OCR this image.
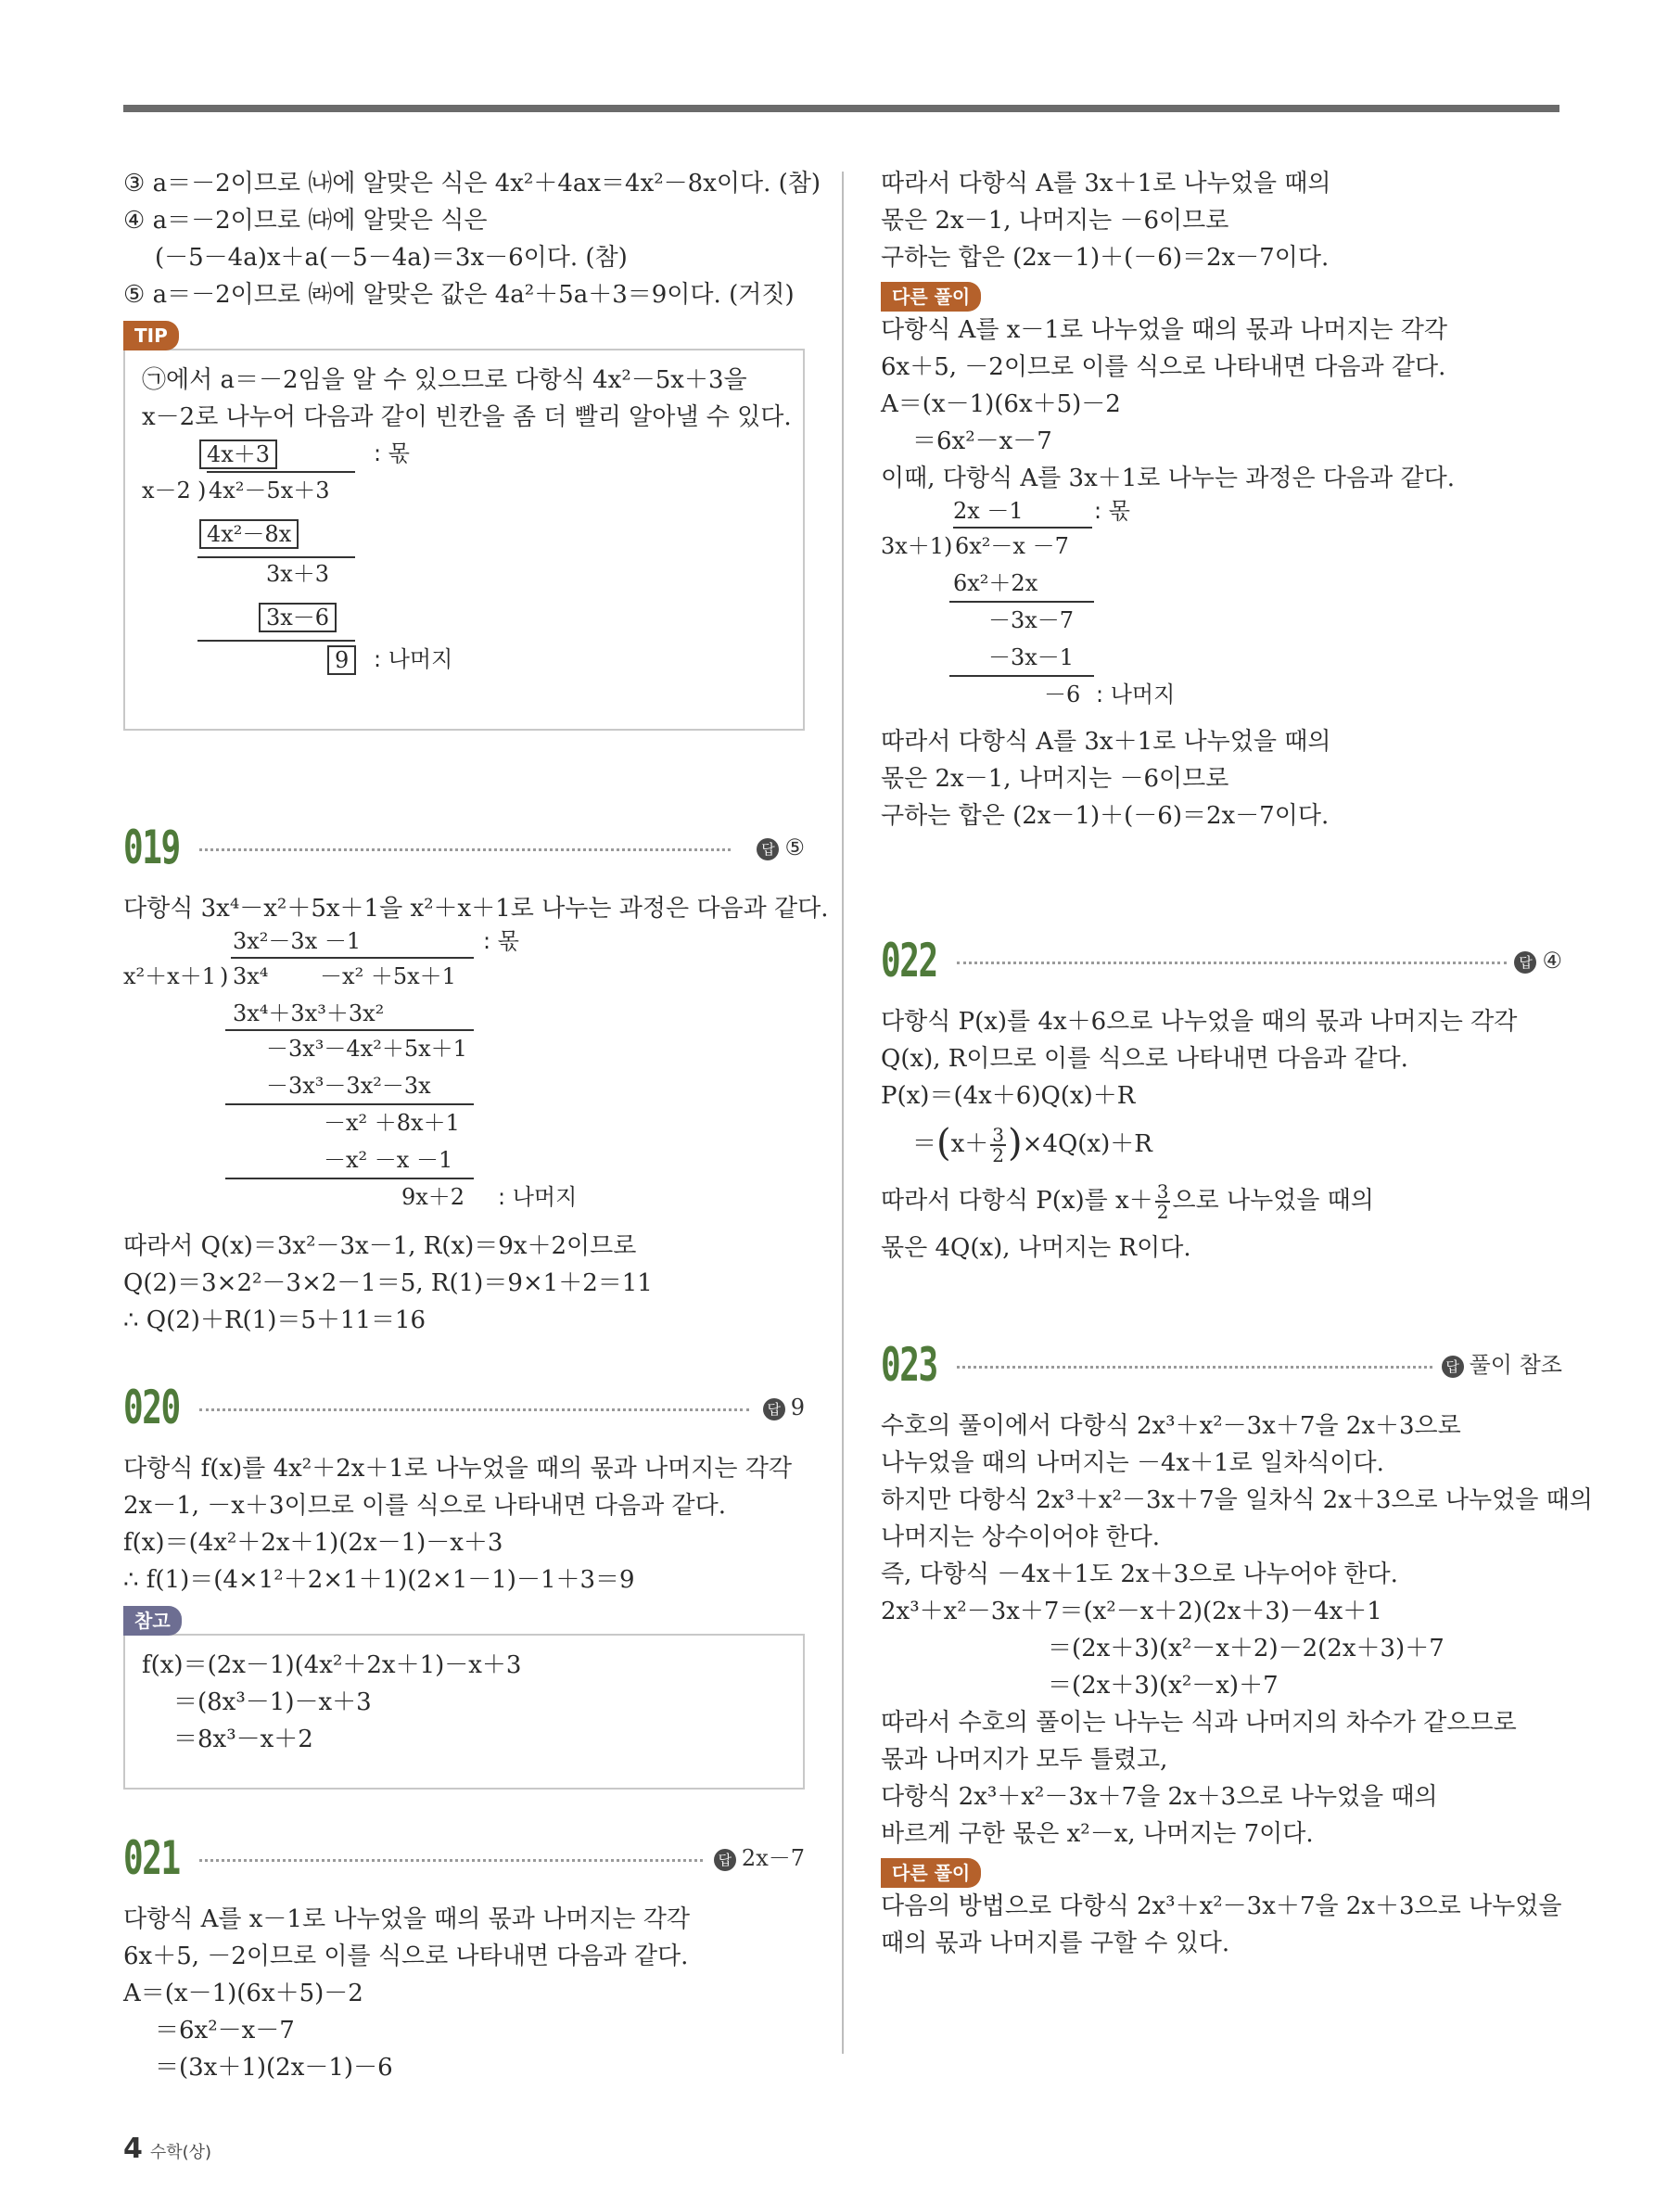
③ a＝－2이므로 ㈏에 알맞은 식은 4x²＋4ax＝4x²－8x이다. (참)
④ a＝－2이므로 ㈐에 알맞은 식은
(－5－4a)x＋a(－5－4a)＝3x－6이다. (참)
⑤ a＝－2이므로 ㈑에 알맞은 값은 4a²＋5a＋3＝9이다. (거짓)
TIP
㉠에서 a＝－2임을 알 수 있으므로 다항식 4x²－5x＋3을
x－2로 나누어 다음과 같이 빈칸을 좀 더 빨리 알아낼 수 있다.
4x＋3	: 몫
x－2 ) 4x²－5x＋3
4x²－8x
3x＋3
3x－6
9	: 나머지
019	답 ⑤
다항식 3x⁴－x²＋5x＋1을 x²＋x＋1로 나누는 과정은 다음과 같다.
3x²－3x －1	: 몫
x²＋x＋1 ) 3x⁴ 　　－x² ＋5x＋1
3x⁴＋3x³＋3x²
－3x³－4x²＋5x＋1
－3x³－3x²－3x
－x² ＋8x＋1
－x² －x －1
9x＋2 : 나머지
따라서 Q(x)＝3x²－3x－1, R(x)＝9x＋2이므로
Q(2)＝3×2²－3×2－1＝5, R(1)＝9×1＋2＝11
∴ Q(2)＋R(1)＝5＋11＝16
020	답 9
다항식 f(x)를 4x²＋2x＋1로 나누었을 때의 몫과 나머지는 각각
2x－1, －x＋3이므로 이를 식으로 나타내면 다음과 같다.
f(x)＝(4x²＋2x＋1)(2x－1)－x＋3
∴ f(1)＝(4×1²＋2×1＋1)(2×1－1)－1＋3＝9
참고
f(x)＝(2x－1)(4x²＋2x＋1)－x＋3
＝(8x³－1)－x＋3
＝8x³－x＋2
021	답 2x－7
다항식 A를 x－1로 나누었을 때의 몫과 나머지는 각각
6x＋5, －2이므로 이를 식으로 나타내면 다음과 같다.
A＝(x－1)(6x＋5)－2
＝6x²－x－7
＝(3x＋1)(2x－1)－6
따라서 다항식 A를 3x＋1로 나누었을 때의
몫은 2x－1, 나머지는 －6이므로
구하는 합은 (2x－1)＋(－6)＝2x－7이다.
다른 풀이
다항식 A를 x－1로 나누었을 때의 몫과 나머지는 각각
6x＋5, －2이므로 이를 식으로 나타내면 다음과 같다.
A＝(x－1)(6x＋5)－2
＝6x²－x－7
이때, 다항식 A를 3x＋1로 나누는 과정은 다음과 같다.
2x －1	: 몫
3x＋1 ) 6x²－x －7
6x²＋2x
－3x－7
－3x－1
－6 : 나머지
따라서 다항식 A를 3x＋1로 나누었을 때의
몫은 2x－1, 나머지는 －6이므로
구하는 합은 (2x－1)＋(－6)＝2x－7이다.
022	답 ④
다항식 P(x)를 4x＋6으로 나누었을 때의 몫과 나머지는 각각
Q(x), R이므로 이를 식으로 나타내면 다음과 같다.
P(x)＝(4x＋6)Q(x)＋R
$=(x+ \frac{3}{2} )\times 4Q(x)+R$
따라서 다항식 P(x)를 $x+ \frac{3}{2}$ 으로 나누었을 때의
몫은 4Q(x), 나머지는 R이다.
023	답 풀이 참조
수호의 풀이에서 다항식 2x³＋x²－3x＋7을 2x＋3으로
나누었을 때의 나머지는 －4x＋1로 일차식이다.
하지만 다항식 2x³＋x²－3x＋7을 일차식 2x＋3으로 나누었을 때의
나머지는 상수이어야 한다.
즉, 다항식 －4x＋1도 2x＋3으로 나누어야 한다.
2x³＋x²－3x＋7＝(x²－x＋2)(2x＋3)－4x＋1
＝(2x＋3)(x²－x＋2)－2(2x＋3)＋7
＝(2x＋3)(x²－x)＋7
따라서 수호의 풀이는 나누는 식과 나머지의 차수가 같으므로
몫과 나머지가 모두 틀렸고,
다항식 2x³＋x²－3x＋7을 2x＋3으로 나누었을 때의
바르게 구한 몫은 x²－x, 나머지는 7이다.
다른 풀이
다음의 방법으로 다항식 2x³＋x²－3x＋7을 2x＋3으로 나누었을
때의 몫과 나머지를 구할 수 있다.
4 수학(상)
